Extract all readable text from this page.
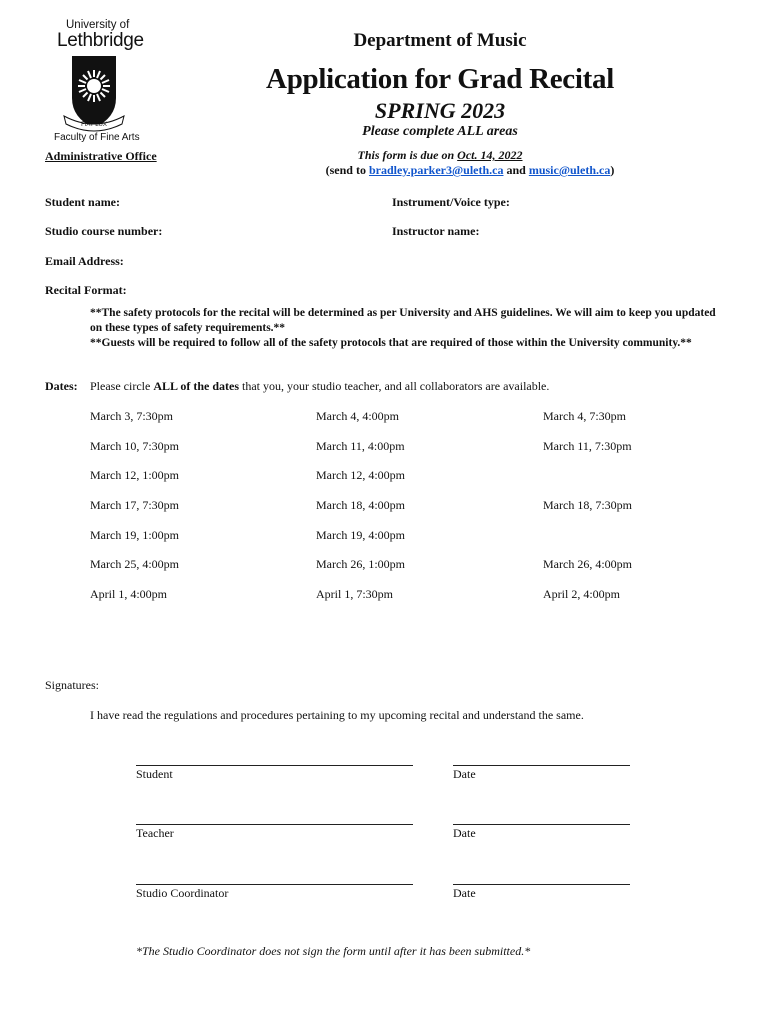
University of
Lethbridge
FIAT LUX
Faculty of Fine Arts
Administrative Office
Department of Music
Application for Grad Recital
SPRING 2023
Please complete ALL areas
This form is due on Oct. 14, 2022
(send to bradley.parker3@uleth.ca and music@uleth.ca)
Student name:	Instrument/Voice type:
Studio course number:	Instructor name:
Email Address:
Recital Format:

**The safety protocols for the recital will be determined as per University and AHS guidelines. We will aim to keep you updated on these types of safety requirements.**

**Guests will be required to follow all of the safety protocols that are required of those within the University community.**

Dates: Please circle ALL of the dates that you, your studio teacher, and all collaborators are available.
March 3, 7:30pm	March 4, 4:00pm	March 4, 7:30pm
March 10, 7:30pm	March 11, 4:00pm	March 11, 7:30pm
March 12, 1:00pm	March 12, 4:00pm
March 17, 7:30pm	March 18, 4:00pm	March 18, 7:30pm
March 19, 1:00pm	March 19, 4:00pm
March 25, 4:00pm	March 26, 1:00pm	March 26, 4:00pm
April 1, 4:00pm	April 1, 7:30pm	April 2, 4:00pm
Signatures:
I have read the regulations and procedures pertaining to my upcoming recital and understand the same.
Student	Date
Teacher	Date
Studio Coordinator	Date
*The Studio Coordinator does not sign the form until after it has been submitted.*
